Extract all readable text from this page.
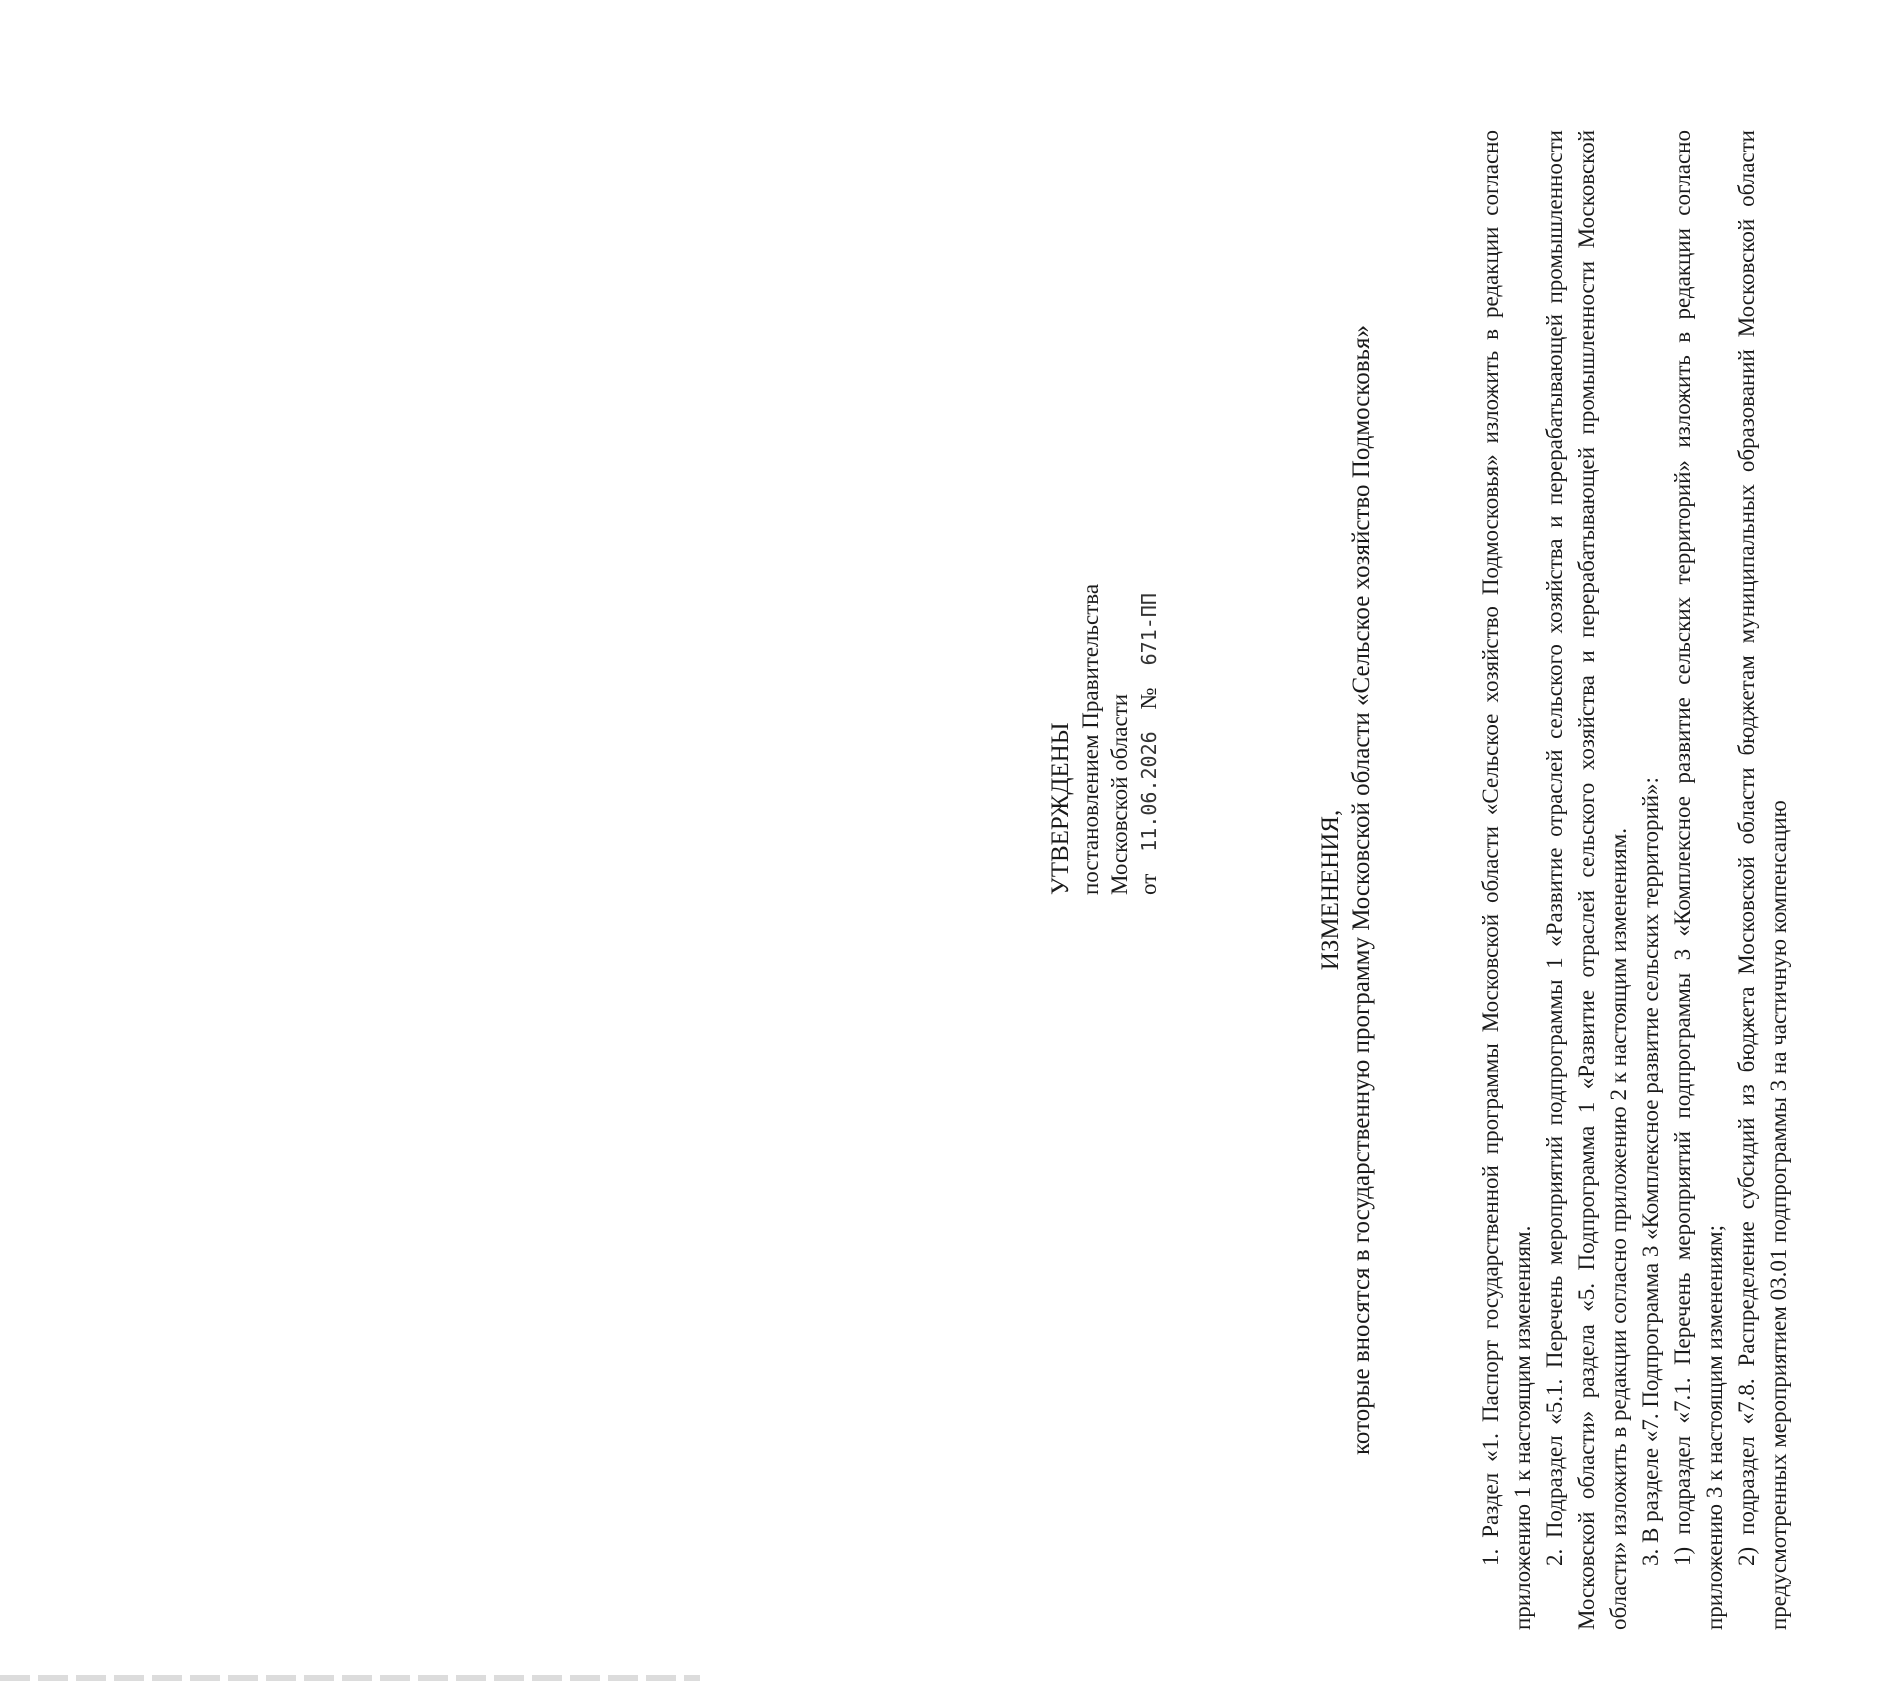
УТВЕРЖДЕНЫ постановлением Правительства Московской области от11.06.2026№671-ПП
ИЗМЕНЕНИЯ, которые вносятся в государственную программу Московской области «Сельское хозяйство Подмосковья»	1. Раздел «1. Паспорт государственной программы Московской области «Сельское хозяйство Подмосковья» изложить в редакции согласно приложению 1 к настоящим изменениям. 2. Подраздел «5.1. Перечень мероприятий подпрограммы 1 «Развитие отраслей сельского хозяйства и перерабатывающей промышленности Московской области» раздела «5. Подпрограмма 1 «Развитие отраслей сельского хозяйства и перерабатывающей промышленности Московской области» изложить в редакции согласно приложению 2 к настоящим изменениям. 3. В разделе «7. Подпрограмма 3 «Комплексное развитие сельских территорий»: 1) подраздел «7.1. Перечень мероприятий подпрограммы 3 «Комплексное развитие сельских территорий» изложить в редакции согласно приложению 3 к настоящим изменениям; 2) подраздел «7.8. Распределение субсидий из бюджета Московской области бюджетам муниципальных образований Московской области предусмотренных мероприятием 03.01 подпрограммы 3 на частичную компенсацию
